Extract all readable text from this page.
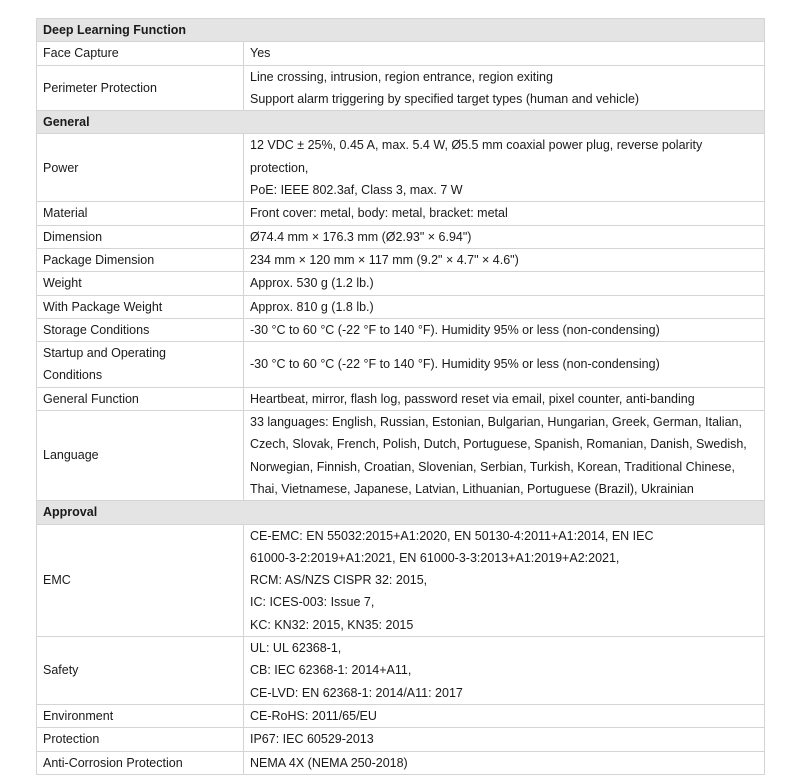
Deep Learning Function	
Face Capture	Yes

Perimeter Protection	Line crossing, intrusion, region entrance, region exiting
Support alarm triggering by specified target types (human and vehicle)

General	
Power	12 VDC ± 25%, 0.45 A, max. 5.4 W, Ø5.5 mm coaxial power plug, reverse polarity
protection,
PoE: IEEE 802.3af, Class 3, max. 7 W

Material	Front cover: metal, body: metal, bracket: metal

Dimension	Ø74.4 mm × 176.3 mm (Ø2.93" × 6.94")

Package Dimension	234 mm × 120 mm × 117 mm (9.2" × 4.7" × 4.6")

Weight	Approx. 530 g (1.2 lb.)

With Package Weight	Approx. 810 g (1.8 lb.)

Storage Conditions	-30 °C to 60 °C (-22 °F to 140 °F). Humidity 95% or less (non-condensing)

Startup and Operating
Conditions	-30 °C to 60 °C (-22 °F to 140 °F). Humidity 95% or less (non-condensing)

General Function	Heartbeat, mirror, flash log, password reset via email, pixel counter, anti-banding

Language	33 languages: English, Russian, Estonian, Bulgarian, Hungarian, Greek, German, Italian,
Czech, Slovak, French, Polish, Dutch, Portuguese, Spanish, Romanian, Danish, Swedish,
Norwegian, Finnish, Croatian, Slovenian, Serbian, Turkish, Korean, Traditional Chinese,
Thai, Vietnamese, Japanese, Latvian, Lithuanian, Portuguese (Brazil), Ukrainian

Approval	
EMC	CE-EMC: EN 55032:2015+A1:2020, EN 50130-4:2011+A1:2014, EN IEC
61000-3-2:2019+A1:2021, EN 61000-3-3:2013+A1:2019+A2:2021,
RCM: AS/NZS CISPR 32: 2015,
IC: ICES-003: Issue 7,
KC: KN32: 2015, KN35: 2015

Safety	UL: UL 62368-1,
CB: IEC 62368-1: 2014+A11,
CE-LVD: EN 62368-1: 2014/A11: 2017

Environment	CE-RoHS: 2011/65/EU

Protection	IP67: IEC 60529-2013

Anti-Corrosion Protection	NEMA 4X (NEMA 250-2018)
